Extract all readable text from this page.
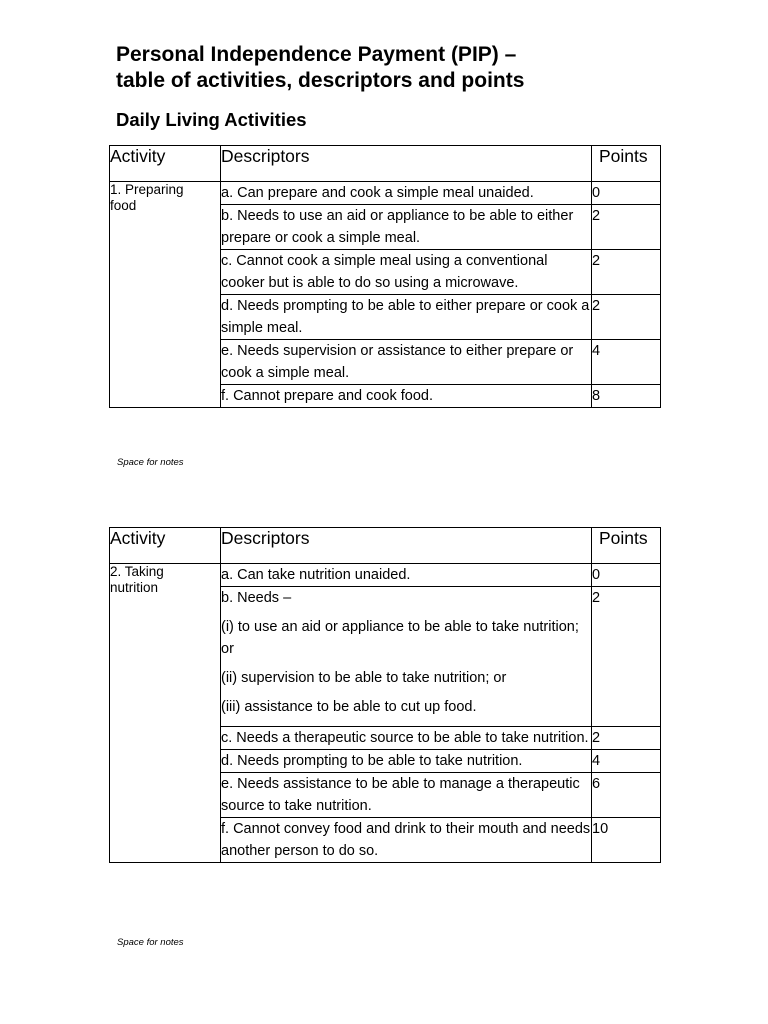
Personal Independence Payment (PIP) –
table of activities, descriptors and points
Daily Living Activities
Activity	Descriptors	Points

1. Preparing
food	a. Can prepare and cook a simple meal unaided.	0
	b. Needs to use an aid or appliance to be able to either prepare or cook a simple meal.	2
	c. Cannot cook a simple meal using a conventional cooker but is able to do so using a microwave.	2
	d. Needs prompting to be able to either prepare or cook a simple meal.	2
	e. Needs supervision or assistance to either prepare or cook a simple meal.	4
	f. Cannot prepare and cook food.	8

Space for notes

Activity	Descriptors	Points

2. Taking
nutrition	a. Can take nutrition unaided.	0

	b. Needs –

(i) to use an aid or appliance to be able to take nutrition; or

(ii) supervision to be able to take nutrition; or

(iii) assistance to be able to cut up food.	2
	c. Needs a therapeutic source to be able to take nutrition.	2
	d. Needs prompting to be able to take nutrition.	4
	e. Needs assistance to be able to manage a therapeutic source to take nutrition.	6
	f. Cannot convey food and drink to their mouth and needs another person to do so.	10

Space for notes
